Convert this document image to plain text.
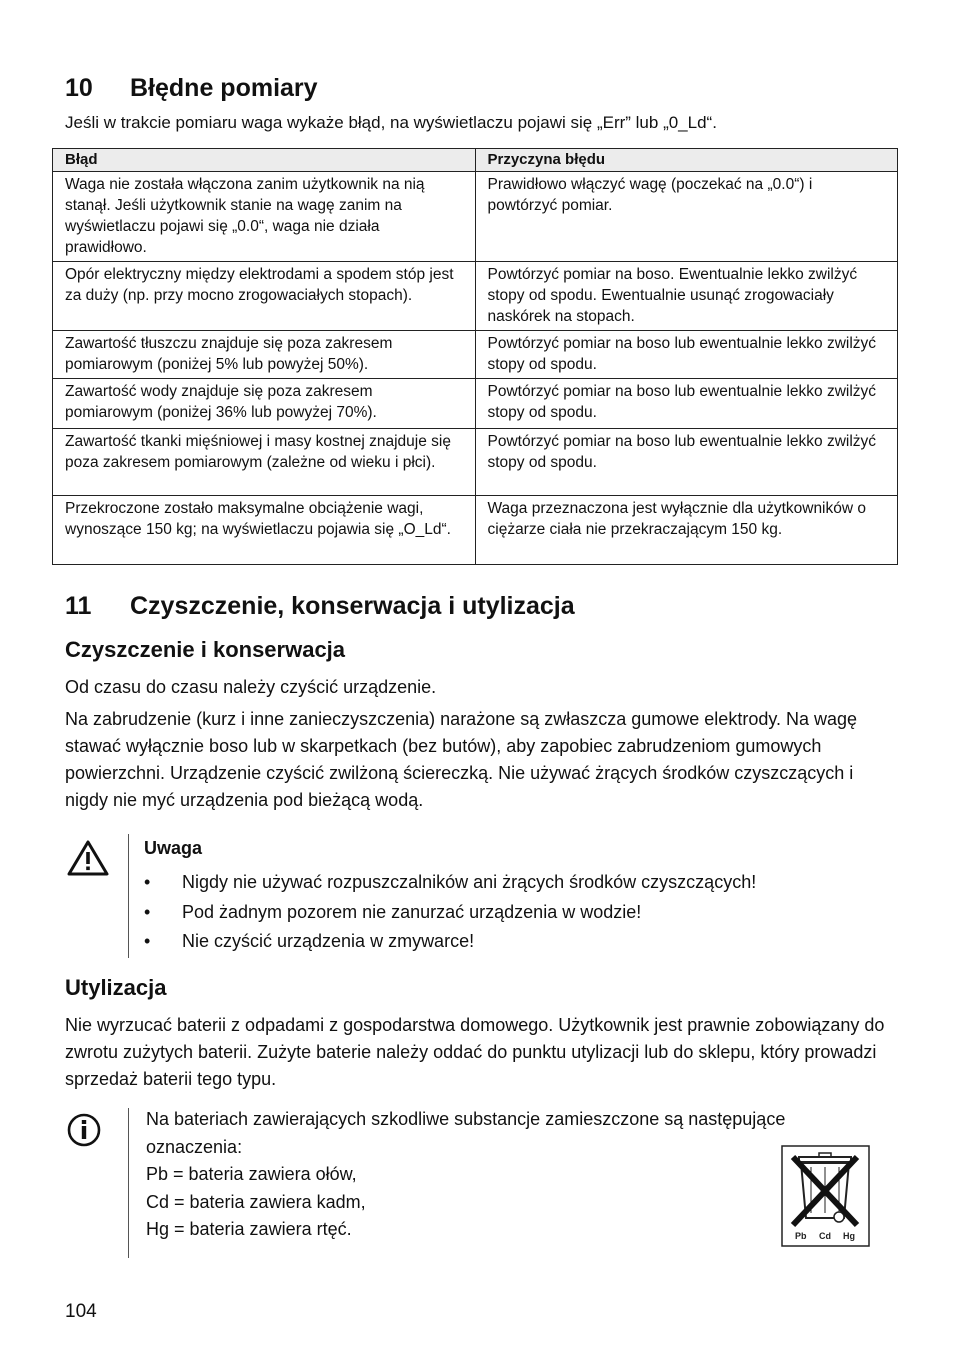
10 Błędne pomiary
Jeśli w trakcie pomiaru waga wykaże błąd, na wyświetlaczu pojawi się „Err” lub „0_Ld“.
Błąd	Przyczyna błędu
Waga nie została włączona zanim użytkownik na nią stanął. Jeśli użytkownik stanie na wagę zanim na wyświetlaczu pojawi się „0.0“, waga nie działa prawidłowo.	Prawidłowo włączyć wagę (poczekać na „0.0“) i powtórzyć pomiar.
Opór elektryczny między elektrodami a spodem stóp jest za duży (np. przy mocno zrogowaciałych stopach).	Powtórzyć pomiar na boso. Ewentualnie lekko zwilżyć stopy od spodu. Ewentualnie usunąć zrogowaciały naskórek na stopach.
Zawartość tłuszczu znajduje się poza zakresem pomiarowym (poniżej 5% lub powyżej 50%).	Powtórzyć pomiar na boso lub ewentualnie lekko zwilżyć stopy od spodu.
Zawartość wody znajduje się poza zakresem pomiarowym (poniżej 36% lub powyżej 70%).	Powtórzyć pomiar na boso lub ewentualnie lekko zwilżyć stopy od spodu.
Zawartość tkanki mięśniowej i masy kostnej znajduje się poza zakresem pomiarowym (zależne od wieku i płci).	Powtórzyć pomiar na boso lub ewentualnie lekko zwilżyć stopy od spodu.
Przekroczone zostało maksymalne obciążenie wagi, wynoszące 150 kg; na wyświetlaczu pojawia się „O_Ld“.	Waga przeznaczona jest wyłącznie dla użytkowników o ciężarze ciała nie przekraczającym 150 kg.
11 Czyszczenie, konserwacja i utylizacja
Czyszczenie i konserwacja
Od czasu do czasu należy czyścić urządzenie.
Na zabrudzenie (kurz i inne zanieczyszczenia) narażone są zwłaszcza gumowe elektrody. Na wagę stawać wyłącznie boso lub w skarpetkach (bez butów), aby zapobiec zabrudzeniom gumowych powierzchni. Urządzenie czyścić zwilżoną ściereczką. Nie używać żrących środków czyszczących i nigdy nie myć urządzenia pod bieżącą wodą.
Uwaga
• Nigdy nie używać rozpuszczalników ani żrących środków czyszczących!
• Pod żadnym pozorem nie zanurzać urządzenia w wodzie!
• Nie czyścić urządzenia w zmywarce!
Utylizacja
Nie wyrzucać baterii z odpadami z gospodarstwa domowego. Użytkownik jest prawnie zobowiązany do zwrotu zużytych baterii. Zużyte baterie należy oddać do punktu utylizacji lub do sklepu, który prowadzi sprzedaż baterii tego typu.
Na bateriach zawierających szkodliwe substancje zamieszczone są następujące
oznaczenia:
Pb = bateria zawiera ołów,
Cd = bateria zawiera kadm,
Hg = bateria zawiera rtęć.	Pb Cd Hg
104
